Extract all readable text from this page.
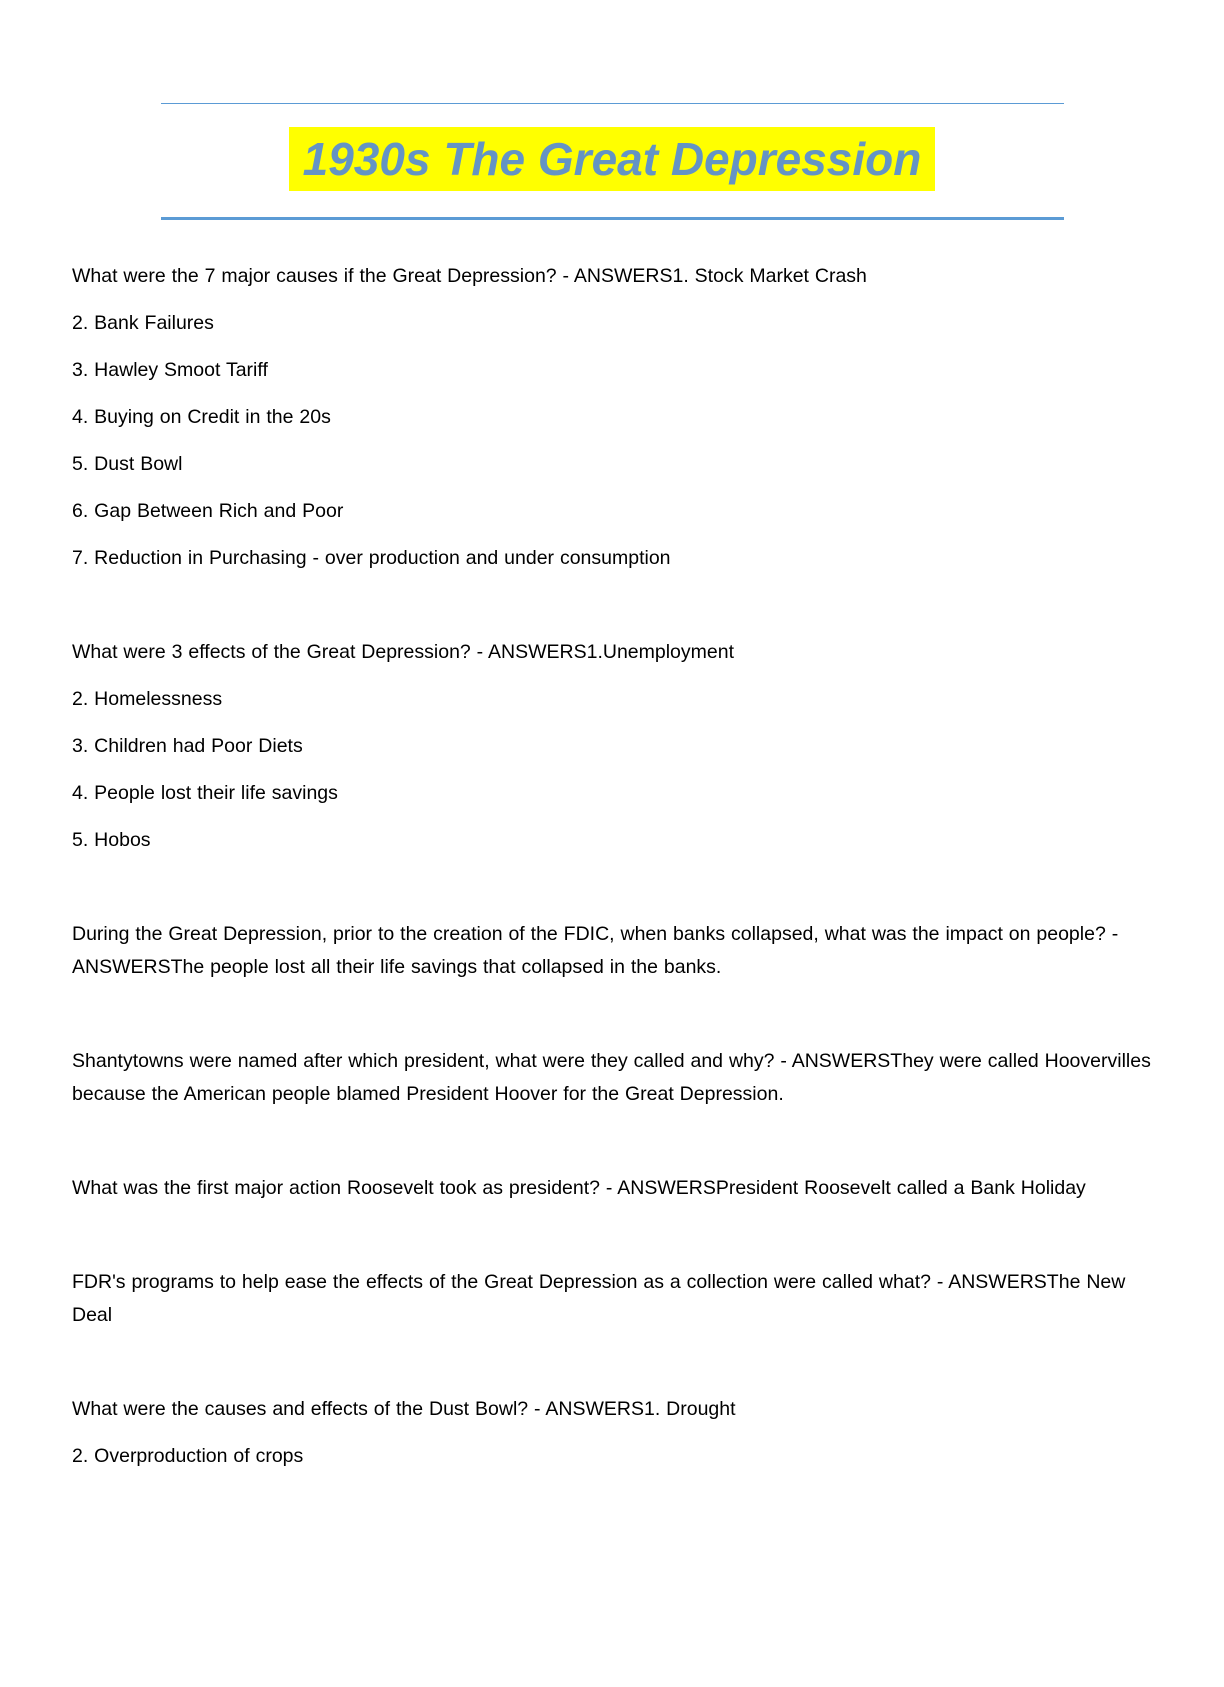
1930s The Great Depression

What were the 7 major causes if the Great Depression? - ANSWERS1. Stock Market Crash

2. Bank Failures

3. Hawley Smoot Tariff

4. Buying on Credit in the 20s

5. Dust Bowl

6. Gap Between Rich and Poor

7. Reduction in Purchasing - over production and under consumption

What were 3 effects of the Great Depression? - ANSWERS1.Unemployment

2. Homelessness

3. Children had Poor Diets

4. People lost their life savings

5. Hobos

During the Great Depression, prior to the creation of the FDIC, when banks collapsed, what was the impact on people? - ANSWERSThe people lost all their life savings that collapsed in the banks.

Shantytowns were named after which president, what were they called and why? - ANSWERSThey were called Hoovervilles because the American people blamed President Hoover for the Great Depression.

What was the first major action Roosevelt took as president? - ANSWERSPresident Roosevelt called a Bank Holiday

FDR's programs to help ease the effects of the Great Depression as a collection were called what? - ANSWERSThe New Deal

What were the causes and effects of the Dust Bowl? - ANSWERS1. Drought

2. Overproduction of crops
